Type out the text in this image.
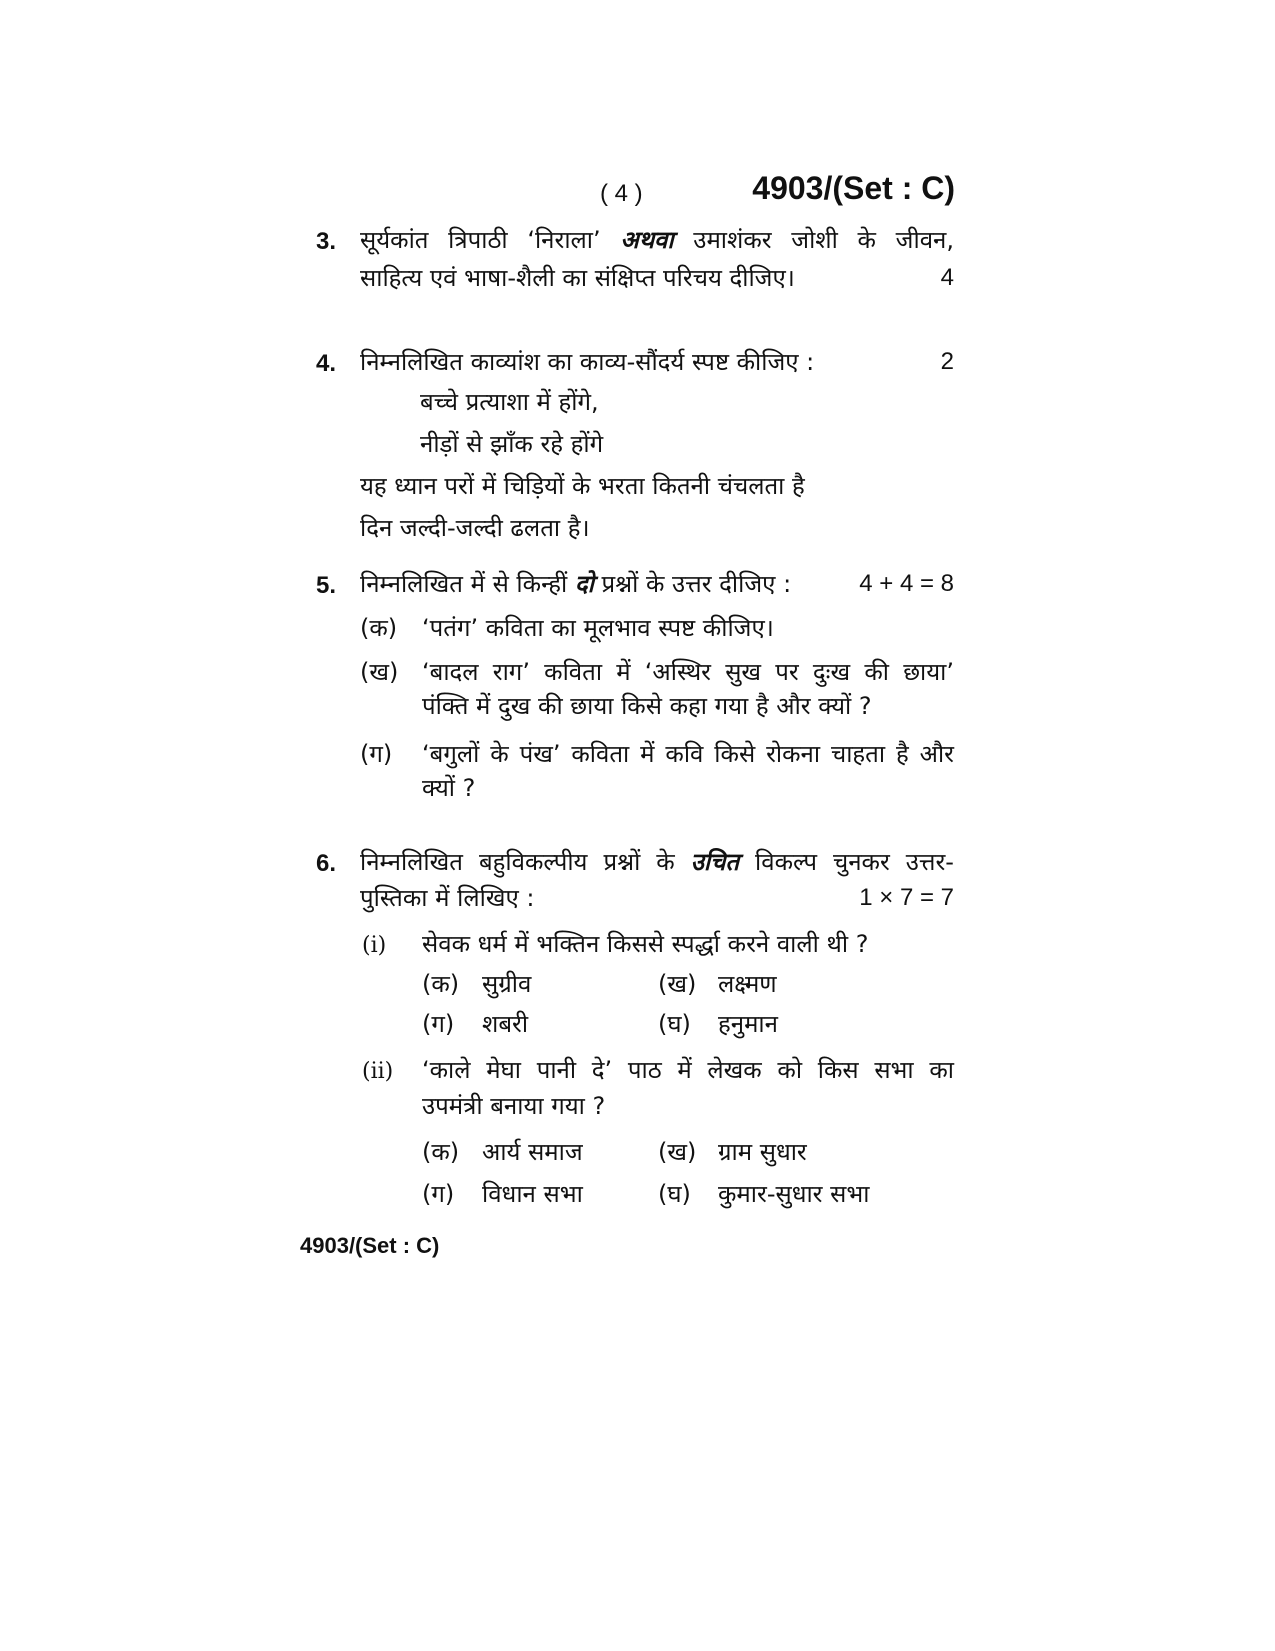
( 4 )	4903/(Set : C)
3. सूर्यकांत त्रिपाठी ‘निराला’ अथवा उमाशंकर जोशी के जीवन,
साहित्य एवं भाषा-शैली का संक्षिप्त परिचय दीजिए।	4
4. निम्नलिखित काव्यांश का काव्य-सौंदर्य स्पष्ट कीजिए :	2
बच्चे प्रत्याशा में होंगे,
नीड़ों से झाँक रहे होंगे
यह ध्यान परों में चिड़ियों के भरता कितनी चंचलता है
दिन जल्दी-जल्दी ढलता है।
5. निम्नलिखित में से किन्हीं दो प्रश्नों के उत्तर दीजिए :	4 + 4 = 8
(क) ‘पतंग’ कविता का मूलभाव स्पष्ट कीजिए।
(ख) ‘बादल राग’ कविता में ‘अस्थिर सुख पर दुःख की छाया’
पंक्ति में दुख की छाया किसे कहा गया है और क्यों ?
(ग) ‘बगुलों के पंख’ कविता में कवि किसे रोकना चाहता है और
क्यों ?
6. निम्नलिखित बहुविकल्पीय प्रश्नों के उचित विकल्प चुनकर उत्तर-
पुस्तिका में लिखिए :	1 × 7 = 7
(i) सेवक धर्म में भक्तिन किससे स्पर्द्धा करने वाली थी ?
(क) सुग्रीव	(ख) लक्ष्मण
(ग) शबरी	(घ) हनुमान
(ii) ‘काले मेघा पानी दे’ पाठ में लेखक को किस सभा का
उपमंत्री बनाया गया ?
(क) आर्य समाज	(ख) ग्राम सुधार
(ग) विधान सभा	(घ) कुमार-सुधार सभा
4903/(Set : C)
